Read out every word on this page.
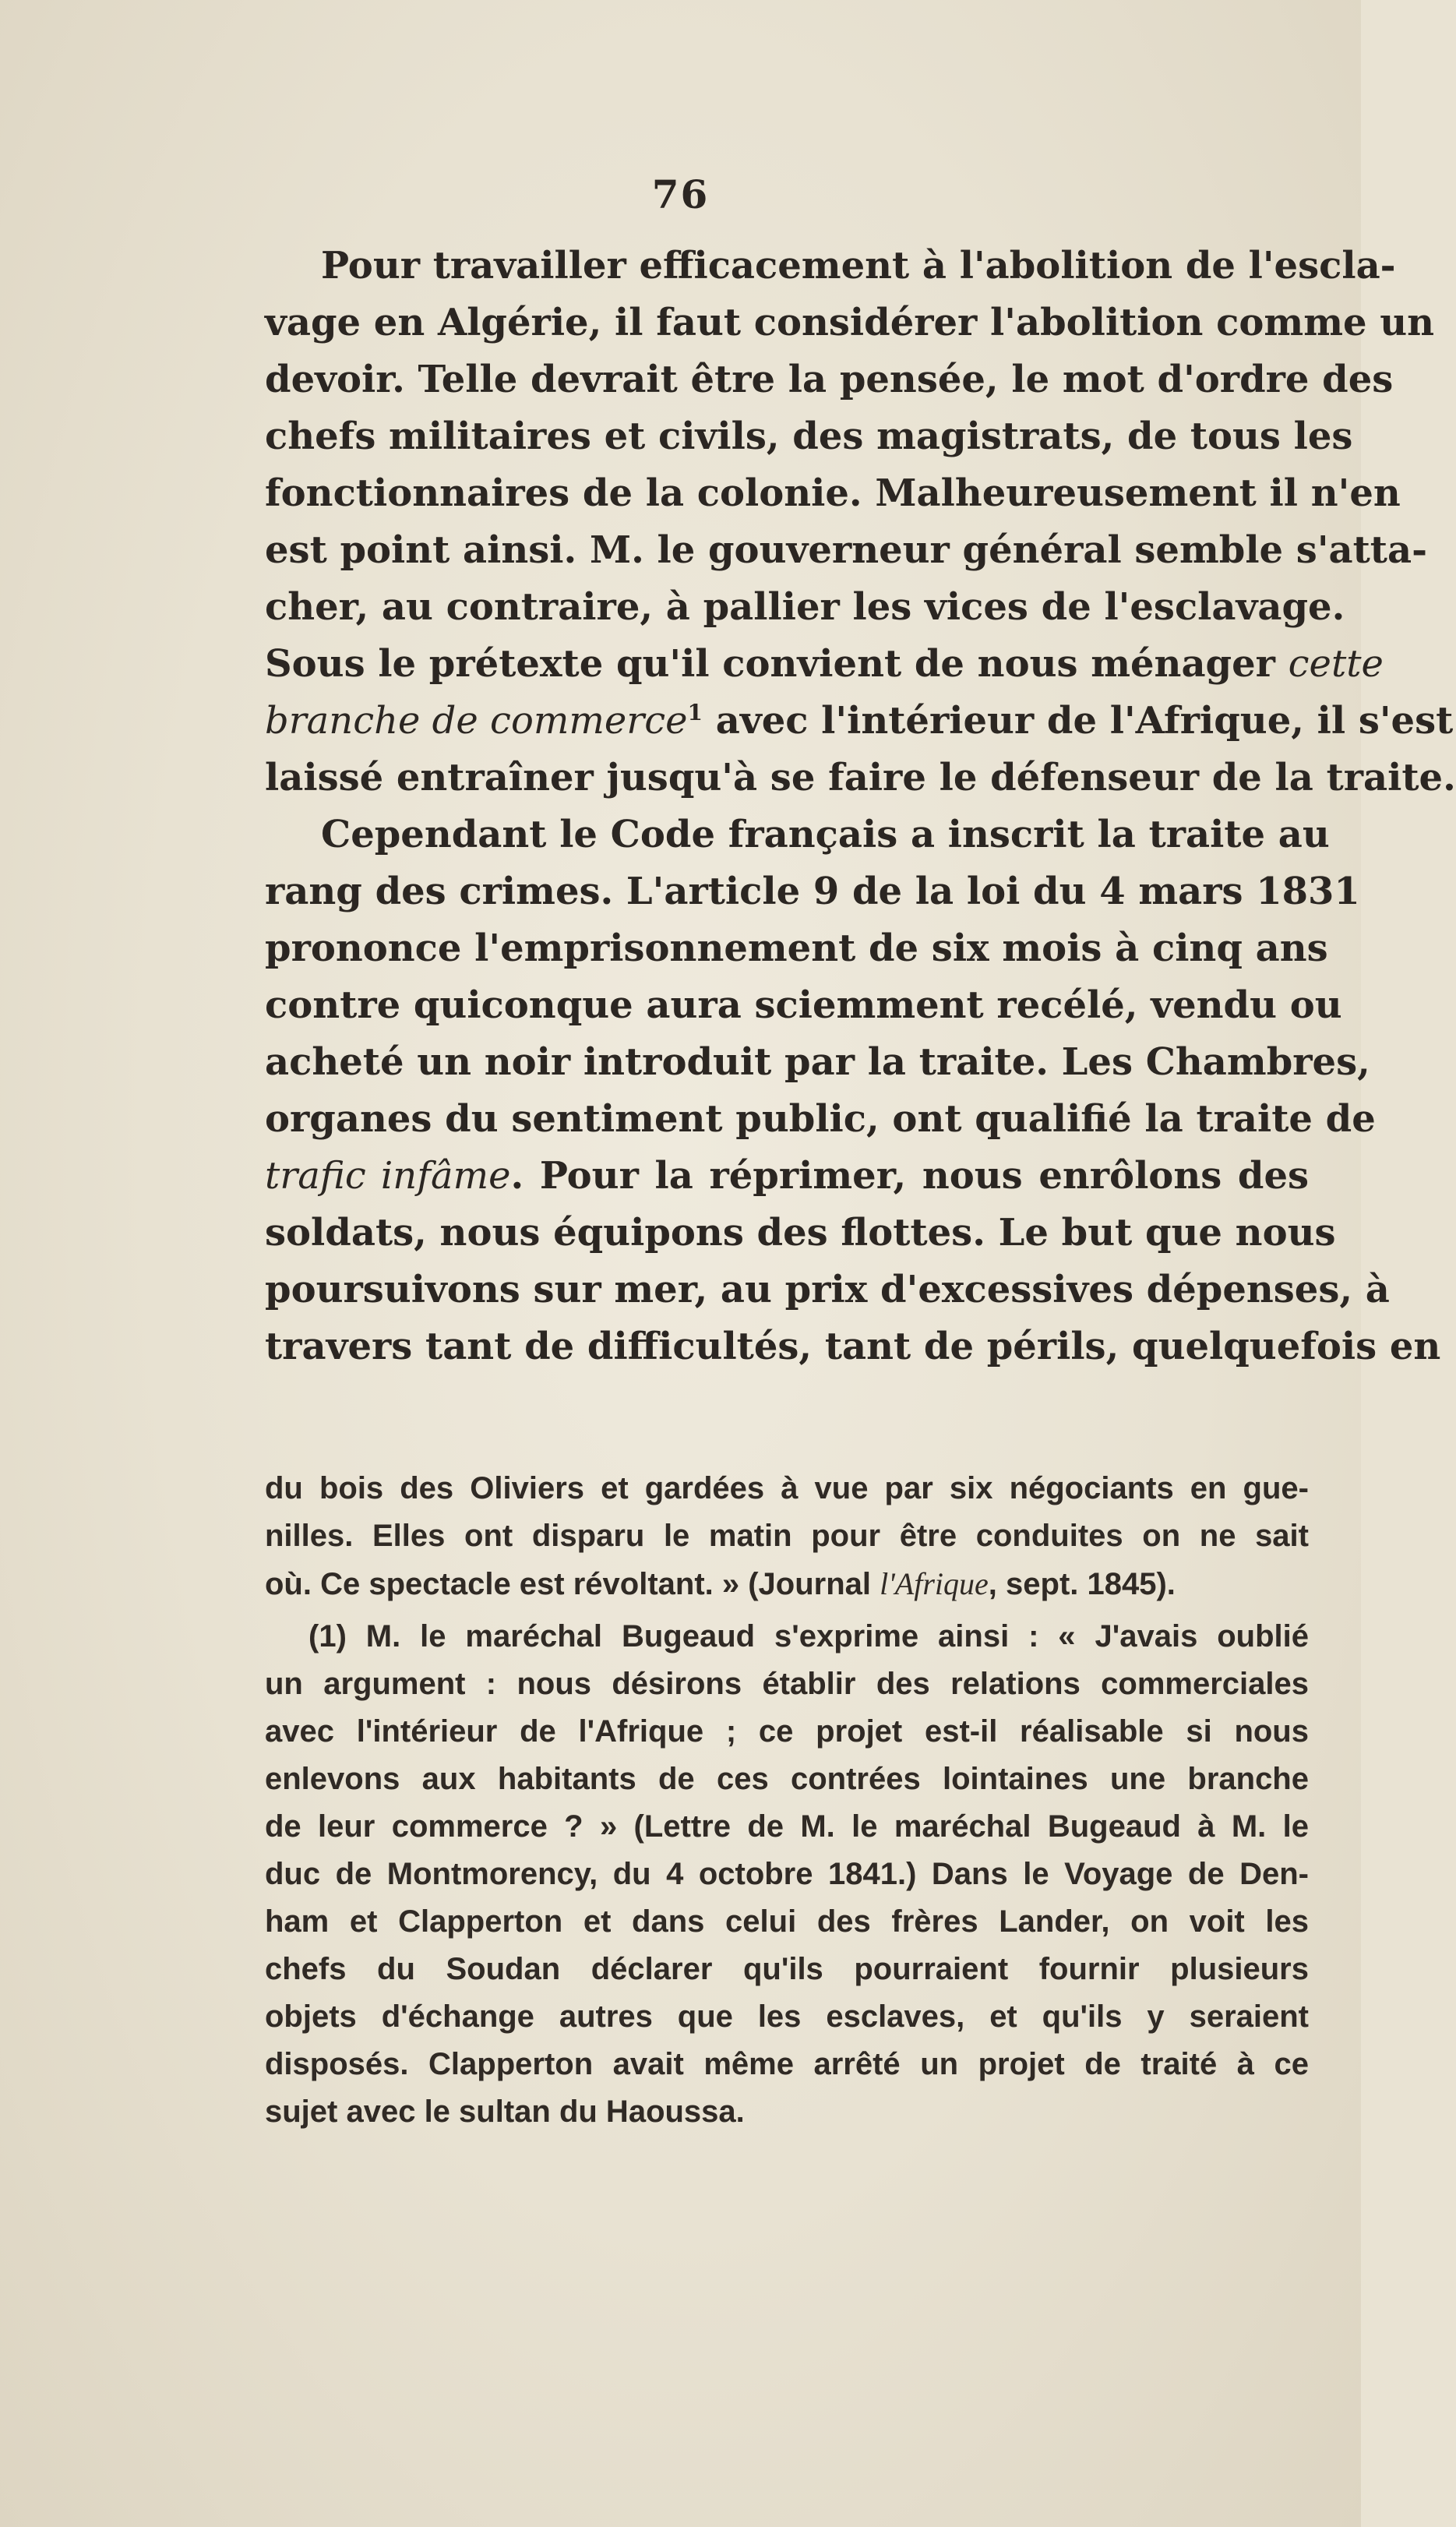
76
Pour travailler efficacement à l'abolition de l'escla-
vage en Algérie, il faut considérer l'abolition comme un
devoir. Telle devrait être la pensée, le mot d'ordre des
chefs militaires et civils, des magistrats, de tous les
fonctionnaires de la colonie. Malheureusement il n'en
est point ainsi. M. le gouverneur général semble s'atta-
cher, au contraire, à pallier les vices de l'esclavage.
Sous le prétexte qu'il convient de nous ménager cette
branche de commerce$^1$ avec l'intérieur de l'Afrique, il s'est
laissé entraîner jusqu'à se faire le défenseur de la traite.
Cependant le Code français a inscrit la traite au
rang des crimes. L'article 9 de la loi du 4 mars 1831
prononce l'emprisonnement de six mois à cinq ans
contre quiconque aura sciemment recélé, vendu ou
acheté un noir introduit par la traite. Les Chambres,
organes du sentiment public, ont qualifié la traite de
trafic infâme. Pour la réprimer, nous enrôlons des
soldats, nous équipons des flottes. Le but que nous
poursuivons sur mer, au prix d'excessives dépenses, à
travers tant de difficultés, tant de périls, quelquefois en
du bois des Oliviers et gardées à vue par six négociants en gue-
nilles. Elles ont disparu le matin pour être conduites on ne sait
où. Ce spectacle est révoltant. » (Journal l'Afrique, sept. 1845).
(1) M. le maréchal Bugeaud s'exprime ainsi : « J'avais oublié
un argument : nous désirons établir des relations commerciales
avec l'intérieur de l'Afrique ; ce projet est-il réalisable si nous
enlevons aux habitants de ces contrées lointaines une branche
de leur commerce ? » (Lettre de M. le maréchal Bugeaud à M. le
duc de Montmorency, du 4 octobre 1841.) Dans le Voyage de Den-
ham et Clapperton et dans celui des frères Lander, on voit les
chefs du Soudan déclarer qu'ils pourraient fournir plusieurs
objets d'échange autres que les esclaves, et qu'ils y seraient
disposés. Clapperton avait même arrêté un projet de traité à ce
sujet avec le sultan du Haoussa.
